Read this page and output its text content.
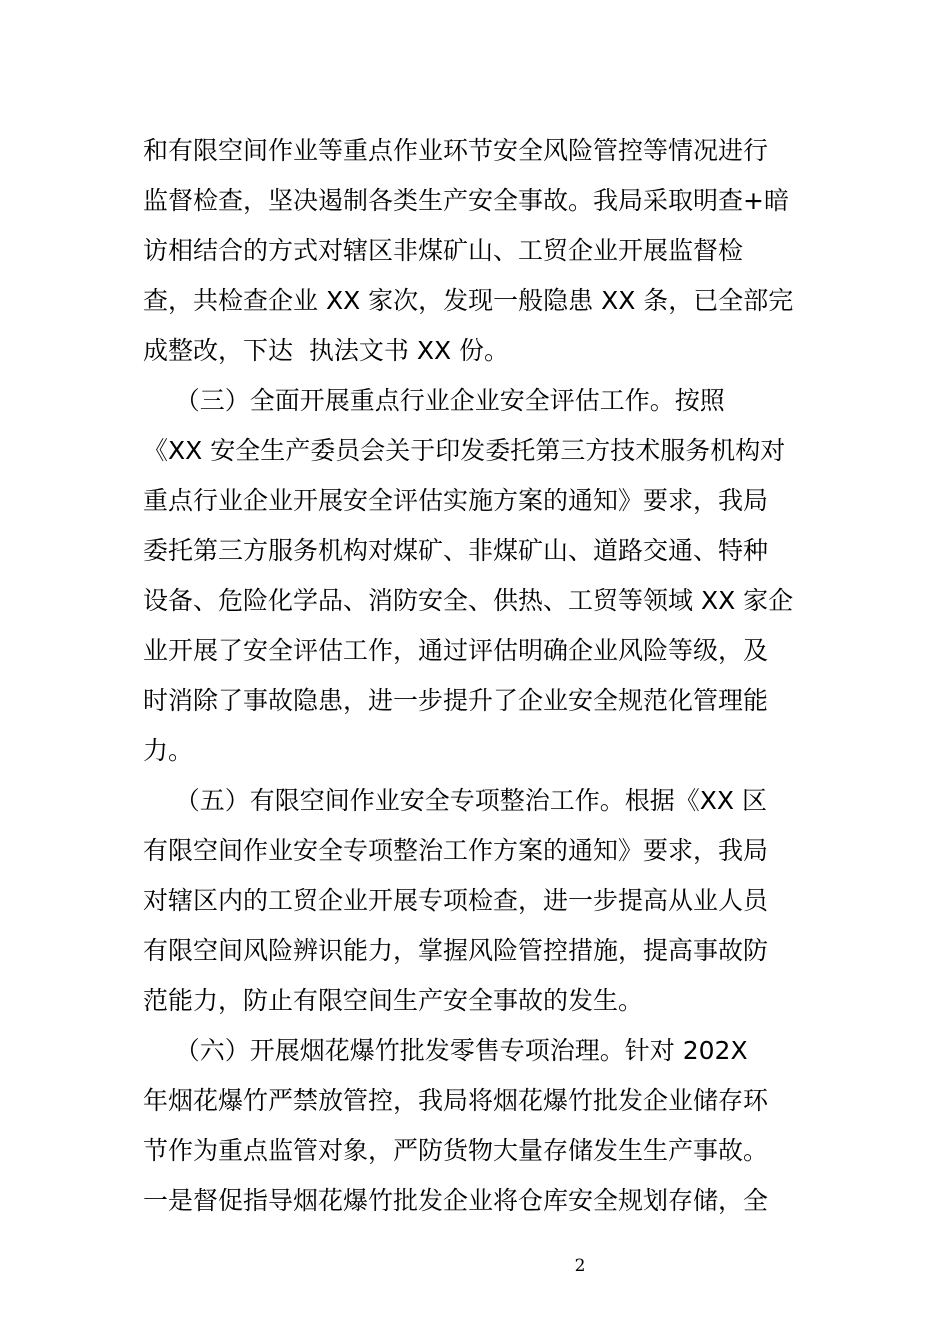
和有限空间作业等重点作业环节安全风险管控等情况进行
监督检查，坚决遏制各类生产安全事故。我局采取明查+暗
访相结合的方式对辖区非煤矿山、工贸企业开展监督检
查，共检查企业 XX 家次，发现一般隐患 XX 条，已全部完
成整改，下达  执法文书 XX 份。
（三）全面开展重点行业企业安全评估工作。按照
《XX 安全生产委员会关于印发委托第三方技术服务机构对
重点行业企业开展安全评估实施方案的通知》要求，我局
委托第三方服务机构对煤矿、非煤矿山、道路交通、特种
设备、危险化学品、消防安全、供热、工贸等领域 XX 家企
业开展了安全评估工作，通过评估明确企业风险等级，及
时消除了事故隐患，进一步提升了企业安全规范化管理能
力。
（五）有限空间作业安全专项整治工作。根据《XX 区
有限空间作业安全专项整治工作方案的通知》要求，我局
对辖区内的工贸企业开展专项检查，进一步提高从业人员
有限空间风险辨识能力，掌握风险管控措施，提高事故防
范能力，防止有限空间生产安全事故的发生。
（六）开展烟花爆竹批发零售专项治理。针对 202X
年烟花爆竹严禁放管控，我局将烟花爆竹批发企业储存环
节作为重点监管对象，严防货物大量存储发生生产事故。
一是督促指导烟花爆竹批发企业将仓库安全规划存储，全
2
